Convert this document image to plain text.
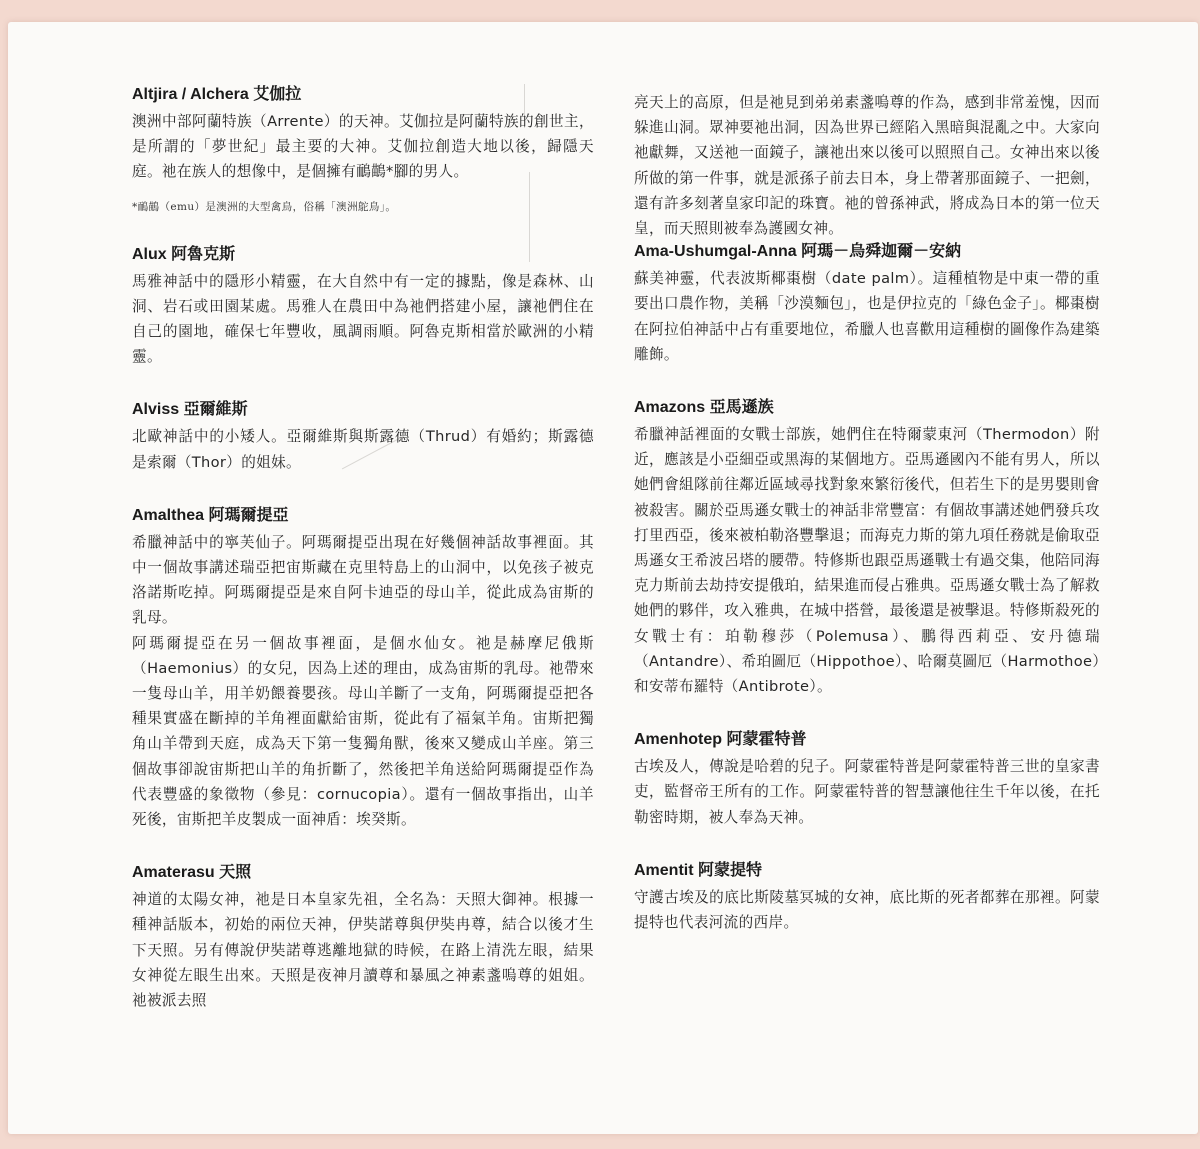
Altjira / Alchera 艾伽拉

澳洲中部阿蘭特族（Arrente）的天神。艾伽拉是阿蘭特族的創世主，是所謂的「夢世紀」最主要的大神。艾伽拉創造大地以後，歸隱天庭。祂在族人的想像中，是個擁有鴯鶓*腳的男人。

*鴯鶓（emu）是澳洲的大型禽鳥，俗稱「澳洲鴕鳥」。

Alux 阿魯克斯

馬雅神話中的隱形小精靈，在大自然中有一定的據點，像是森林、山洞、岩石或田園某處。馬雅人在農田中為祂們搭建小屋，讓祂們住在自己的園地，確保七年豐收，風調雨順。阿魯克斯相當於歐洲的小精靈。

Alviss 亞爾維斯

北歐神話中的小矮人。亞爾維斯與斯露德（Thrud）有婚約；斯露德是索爾（Thor）的姐妹。

Amalthea 阿瑪爾提亞

希臘神話中的寧芙仙子。阿瑪爾提亞出現在好幾個神話故事裡面。其中一個故事講述瑞亞把宙斯藏在克里特島上的山洞中，以免孩子被克洛諾斯吃掉。阿瑪爾提亞是來自阿卡迪亞的母山羊，從此成為宙斯的乳母。

阿瑪爾提亞在另一個故事裡面，是個水仙女。祂是赫摩尼俄斯（Haemonius）的女兒，因為上述的理由，成為宙斯的乳母。祂帶來一隻母山羊，用羊奶餵養嬰孩。母山羊斷了一支角，阿瑪爾提亞把各種果實盛在斷掉的羊角裡面獻給宙斯，從此有了福氣羊角。宙斯把獨角山羊帶到天庭，成為天下第一隻獨角獸，後來又變成山羊座。第三個故事卻說宙斯把山羊的角折斷了，然後把羊角送給阿瑪爾提亞作為代表豐盛的象徵物（參見：cornucopia）。還有一個故事指出，山羊死後，宙斯把羊皮製成一面神盾：埃癸斯。

Amaterasu 天照

神道的太陽女神，祂是日本皇家先祖，全名為：天照大御神。根據一種神話版本，初始的兩位天神，伊奘諾尊與伊奘冉尊，結合以後才生下天照。另有傳說伊奘諾尊逃離地獄的時候，在路上清洗左眼，結果女神從左眼生出來。天照是夜神月讀尊和暴風之神素盞嗚尊的姐姐。祂被派去照

亮天上的高原，但是祂見到弟弟素盞嗚尊的作為，感到非常羞愧，因而躲進山洞。眾神要祂出洞，因為世界已經陷入黑暗與混亂之中。大家向祂獻舞，又送祂一面鏡子，讓祂出來以後可以照照自己。女神出來以後所做的第一件事，就是派孫子前去日本，身上帶著那面鏡子、一把劍，還有許多刻著皇家印記的珠寶。祂的曾孫神武，將成為日本的第一位天皇，而天照則被奉為護國女神。

Ama-Ushumgal-Anna 阿瑪－烏舜迦爾－安納

蘇美神靈，代表波斯椰棗樹（date palm）。這種植物是中東一帶的重要出口農作物，美稱「沙漠麵包」，也是伊拉克的「綠色金子」。椰棗樹在阿拉伯神話中占有重要地位，希臘人也喜歡用這種樹的圖像作為建築雕飾。

Amazons 亞馬遜族

希臘神話裡面的女戰士部族，她們住在特爾蒙東河（Thermodon）附近，應該是小亞細亞或黑海的某個地方。亞馬遜國內不能有男人，所以她們會組隊前往鄰近區域尋找對象來繁衍後代，但若生下的是男嬰則會被殺害。關於亞馬遜女戰士的神話非常豐富：有個故事講述她們發兵攻打里西亞，後來被柏勒洛豐擊退；而海克力斯的第九項任務就是偷取亞馬遜女王希波呂塔的腰帶。特修斯也跟亞馬遜戰士有過交集，他陪同海克力斯前去劫持安提俄珀，結果進而侵占雅典。亞馬遜女戰士為了解救她們的夥伴，攻入雅典，在城中搭營，最後還是被擊退。特修斯殺死的女戰士有：珀勒穆莎（Polemusa）、鵬得西莉亞、安丹德瑞（Antandre）、希珀圖厄（Hippothoe）、哈爾莫圖厄（Harmothoe）和安蒂布羅特（Antibrote）。

Amenhotep 阿蒙霍特普

古埃及人，傳說是哈碧的兒子。阿蒙霍特普是阿蒙霍特普三世的皇家書吏，監督帝王所有的工作。阿蒙霍特普的智慧讓他往生千年以後，在托勒密時期，被人奉為天神。

Amentit 阿蒙提特

守護古埃及的底比斯陵墓冥城的女神，底比斯的死者都葬在那裡。阿蒙提特也代表河流的西岸。
